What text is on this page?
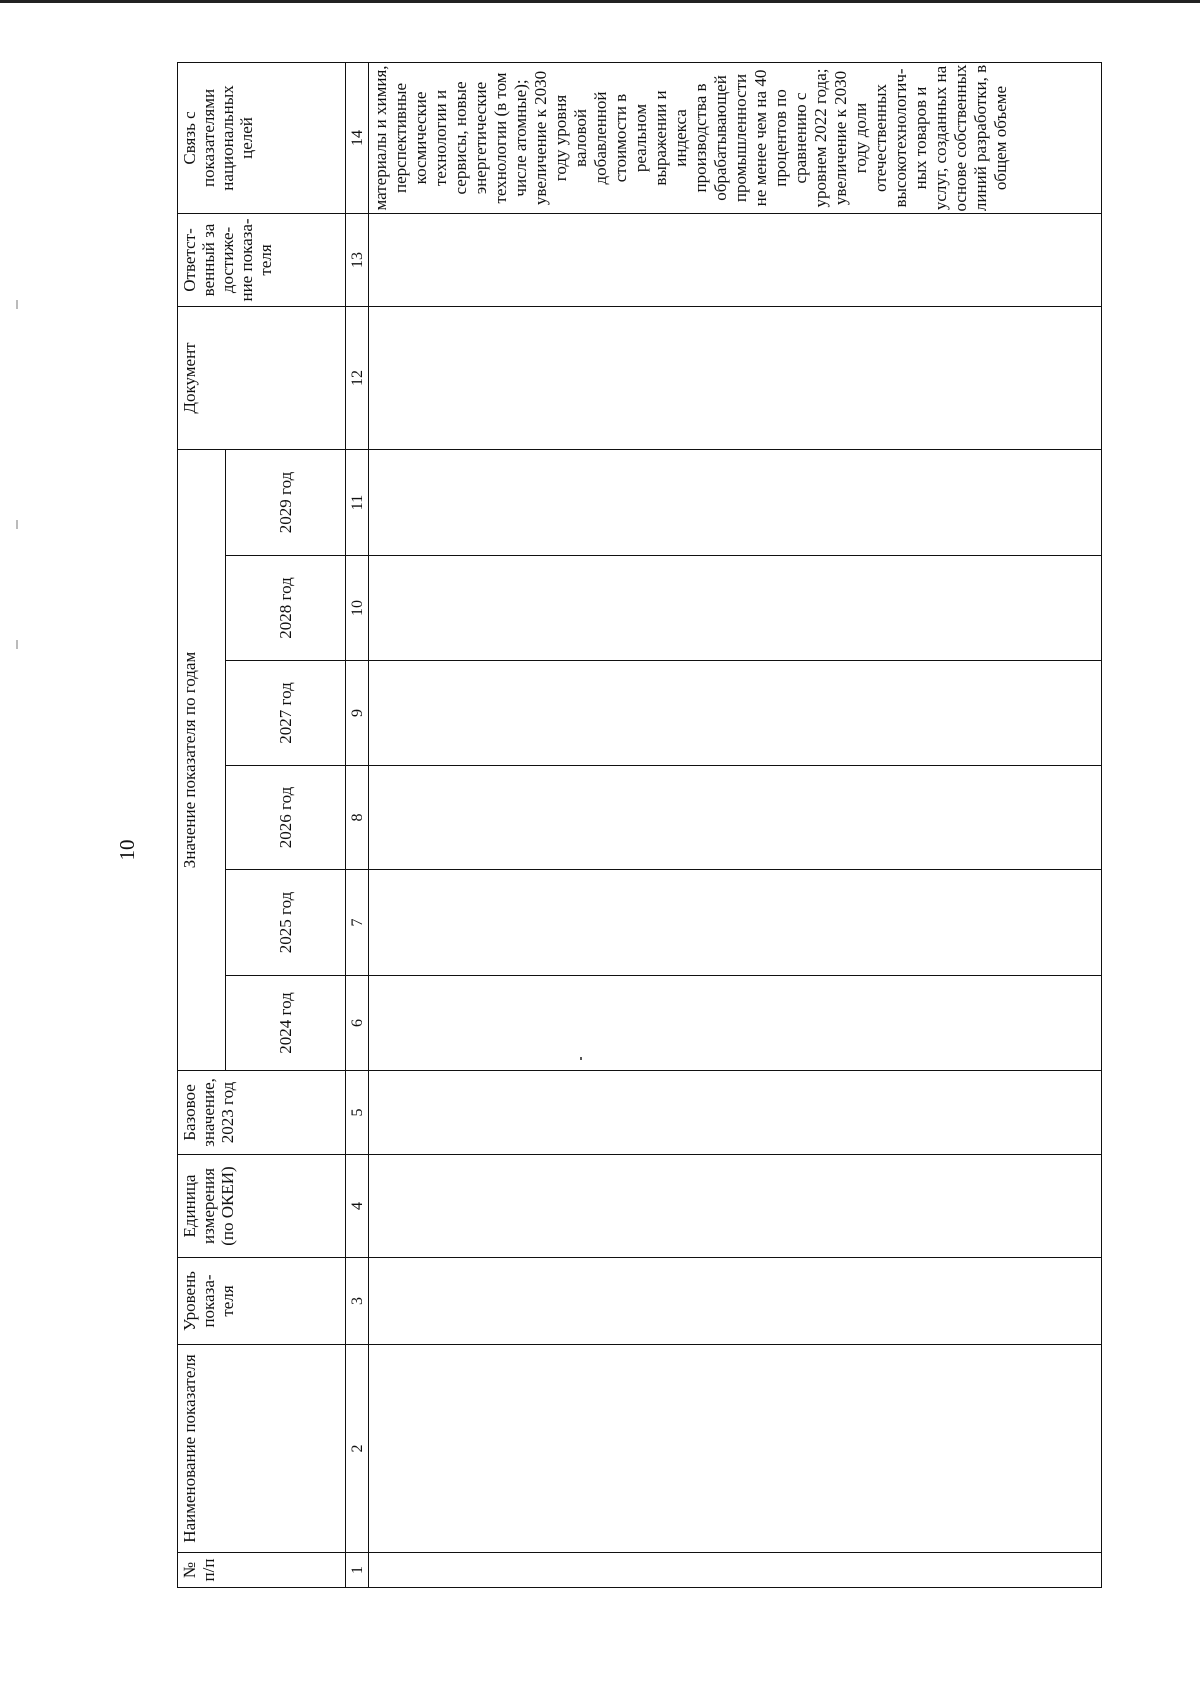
10
№ п/п	Наименование показателя	Уровень показа-теля	Единица измерения (по ОКЕИ)	Базовое значение, 2023 год	Значение показателя по годам						Документ	Ответст-венный за достиже-ние показа-теля	Связь с показателями национальных целей
					2024 год	2025 год	2026 год	2027 год	2028 год	2029 год			
1	2	3	4	5	6	7	8	9	10	11	12	13	14
													материалы и химия, перспективные космические технологии и сервисы, новые энергетические технологии (в том числе атомные); увеличение к 2030 году уровня валовой добавленной стоимости в реальном выражении и индекса производства в обрабатывающей промышленности не менее чем на 40 процентов по сравнению с уровнем 2022 года; увеличение к 2030 году доли отечественных высокотехнологич-ных товаров и услуг, созданных на основе собственных линий разработки, в общем объеме
